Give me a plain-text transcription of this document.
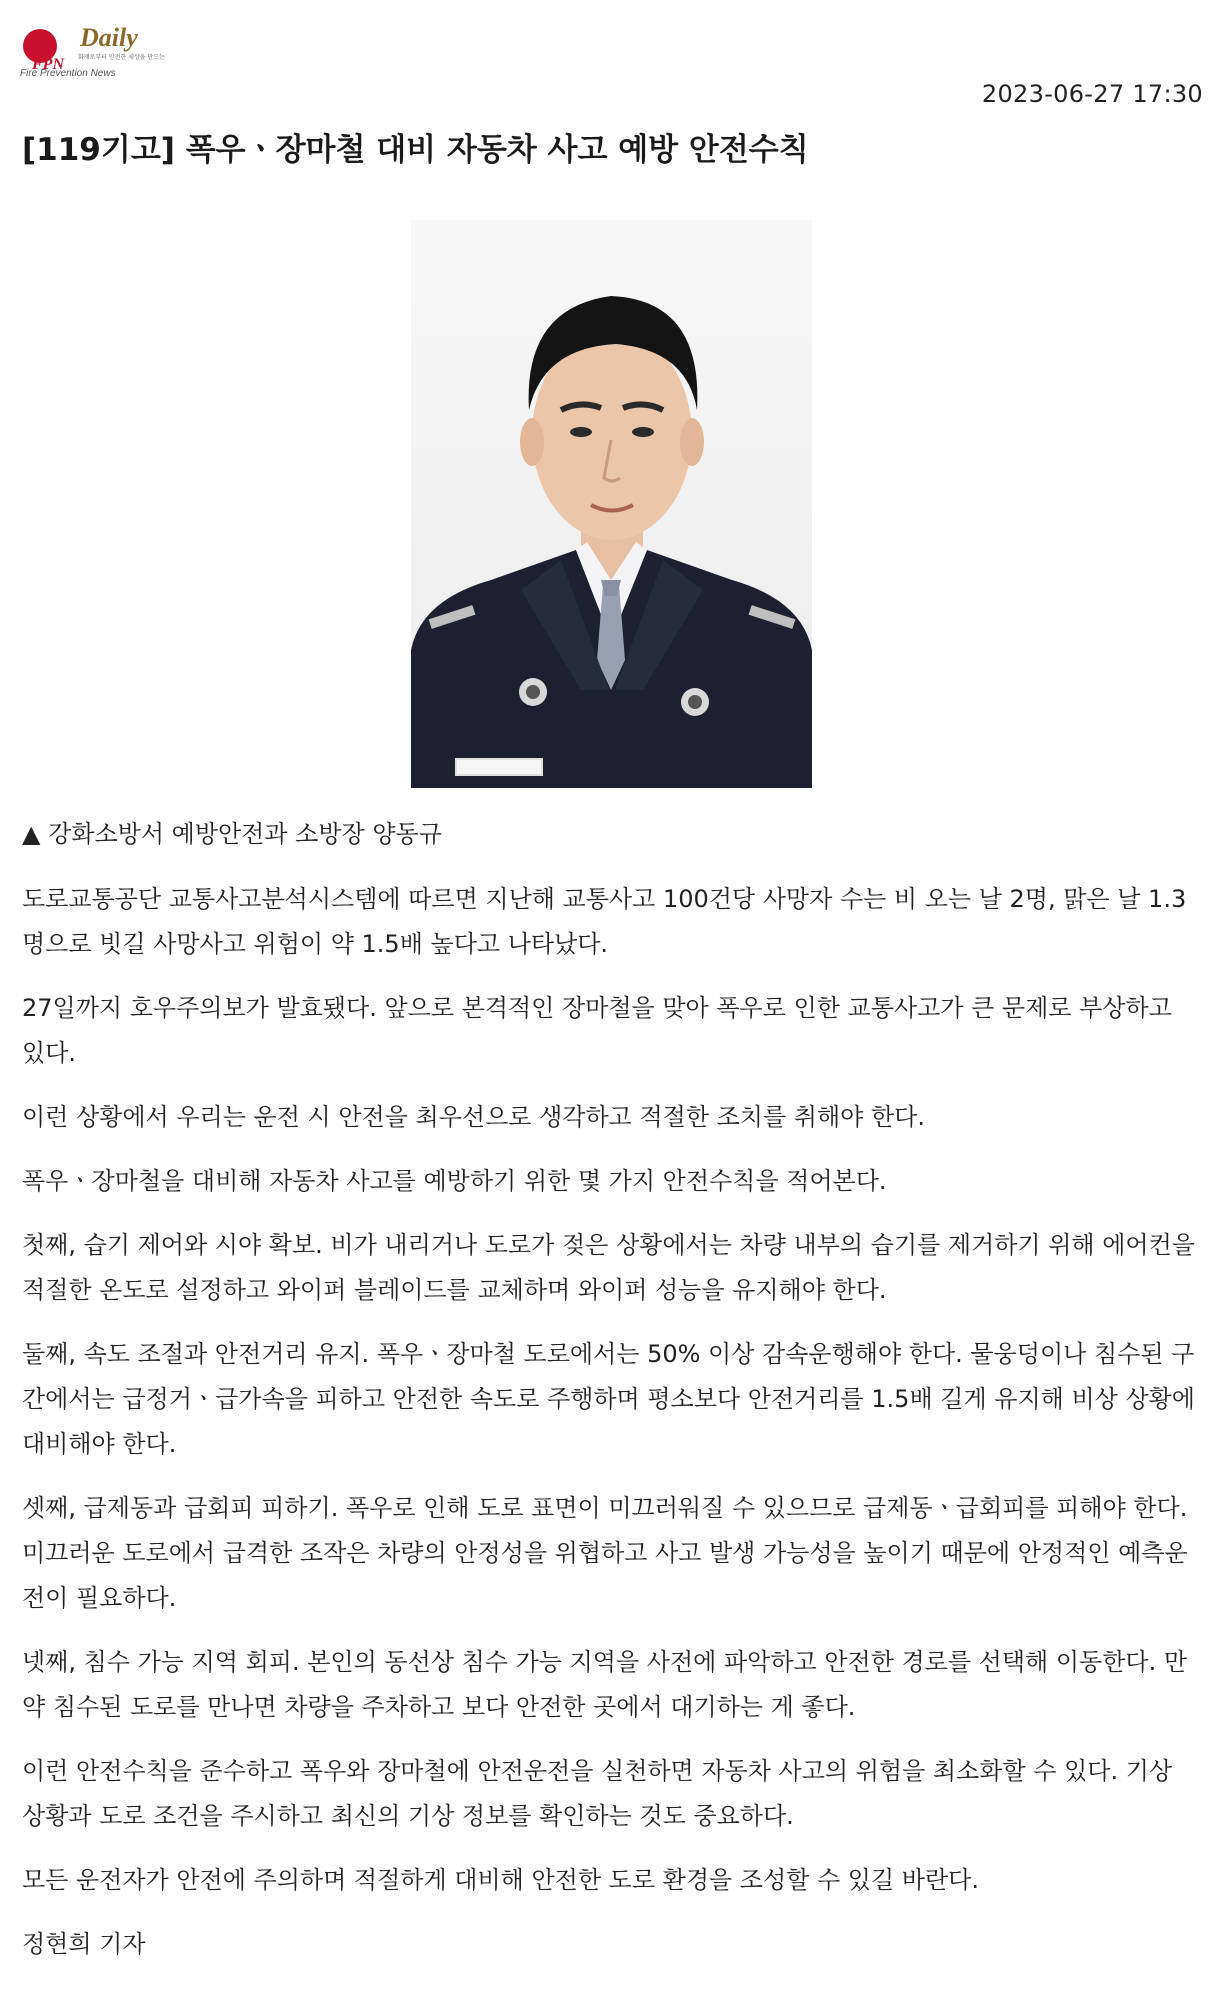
FPN
Daily
화재로부터 안전한 세상을 만드는
Fire Prevention News
2023-06-27 17:30
[119기고] 폭우ㆍ장마철 대비 자동차 사고 예방 안전수칙

▲ 강화소방서 예방안전과 소방장 양동규

도로교통공단 교통사고분석시스템에 따르면 지난해 교통사고 100건당 사망자 수는 비 오는 날 2명, 맑은 날 1.3명으로 빗길 사망사고 위험이 약 1.5배 높다고 나타났다.

27일까지 호우주의보가 발효됐다. 앞으로 본격적인 장마철을 맞아 폭우로 인한 교통사고가 큰 문제로 부상하고 있다.

이런 상황에서 우리는 운전 시 안전을 최우선으로 생각하고 적절한 조치를 취해야 한다.

폭우ㆍ장마철을 대비해 자동차 사고를 예방하기 위한 몇 가지 안전수칙을 적어본다.

첫째, 습기 제어와 시야 확보. 비가 내리거나 도로가 젖은 상황에서는 차량 내부의 습기를 제거하기 위해 에어컨을 적절한 온도로 설정하고 와이퍼 블레이드를 교체하며 와이퍼 성능을 유지해야 한다.

둘째, 속도 조절과 안전거리 유지. 폭우ㆍ장마철 도로에서는 50% 이상 감속운행해야 한다. 물웅덩이나 침수된 구간에서는 급정거ㆍ급가속을 피하고 안전한 속도로 주행하며 평소보다 안전거리를 1.5배 길게 유지해 비상 상황에 대비해야 한다.

셋째, 급제동과 급회피 피하기. 폭우로 인해 도로 표면이 미끄러워질 수 있으므로 급제동ㆍ급회피를 피해야 한다. 미끄러운 도로에서 급격한 조작은 차량의 안정성을 위협하고 사고 발생 가능성을 높이기 때문에 안정적인 예측운전이 필요하다.

넷째, 침수 가능 지역 회피. 본인의 동선상 침수 가능 지역을 사전에 파악하고 안전한 경로를 선택해 이동한다. 만약 침수된 도로를 만나면 차량을 주차하고 보다 안전한 곳에서 대기하는 게 좋다.

이런 안전수칙을 준수하고 폭우와 장마철에 안전운전을 실천하면 자동차 사고의 위험을 최소화할 수 있다. 기상 상황과 도로 조건을 주시하고 최신의 기상 정보를 확인하는 것도 중요하다.

모든 운전자가 안전에 주의하며 적절하게 대비해 안전한 도로 환경을 조성할 수 있길 바란다.

정현희 기자
